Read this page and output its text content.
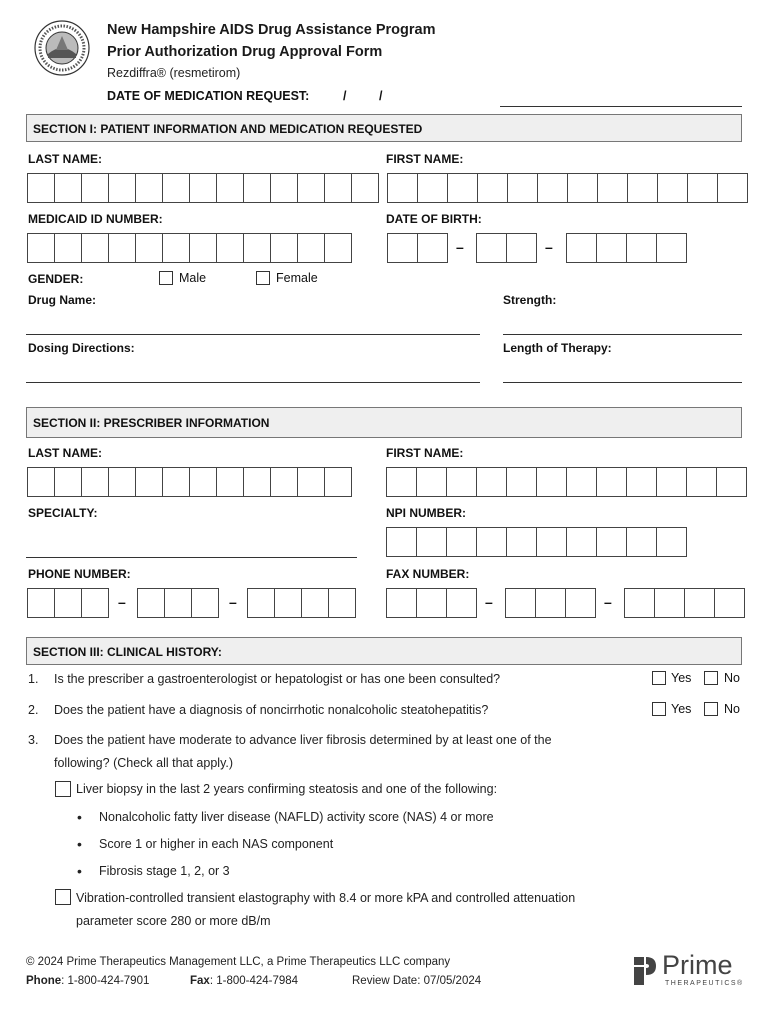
New Hampshire AIDS Drug Assistance Program
Prior Authorization Drug Approval Form
Rezdiffra® (resmetirom)
DATE OF MEDICATION REQUEST:	/	/
SECTION I: PATIENT INFORMATION AND MEDICATION REQUESTED
LAST NAME:	FIRST NAME:
MEDICAID ID NUMBER:	DATE OF BIRTH:
–	–
GENDER:	Male	Female
Drug Name:	Strength:
Dosing Directions:	Length of Therapy:
SECTION II: PRESCRIBER INFORMATION
LAST NAME:	FIRST NAME:
SPECIALTY:	NPI NUMBER:
PHONE NUMBER:	FAX NUMBER:
–	–	–	–
SECTION III: CLINICAL HISTORY:
1. Is the prescriber a gastroenterologist or hepatologist or has one been consulted?	Yes	No
2. Does the patient have a diagnosis of noncirrhotic nonalcoholic steatohepatitis?	Yes	No
3. Does the patient have moderate to advance liver fibrosis determined by at least one of the
following? (Check all that apply.)
Liver biopsy in the last 2 years confirming steatosis and one of the following:
• Nonalcoholic fatty liver disease (NAFLD) activity score (NAS) 4 or more
• Score 1 or higher in each NAS component
• Fibrosis stage 1, 2, or 3
Vibration-controlled transient elastography with 8.4 or more kPA and controlled attenuation
parameter score 280 or more dB/m
© 2024 Prime Therapeutics Management LLC, a Prime Therapeutics LLC company
Phone: 1-800-424-7901	Fax: 1-800-424-7984	Review Date: 07/05/2024
Prime
THERAPEUTICS®
